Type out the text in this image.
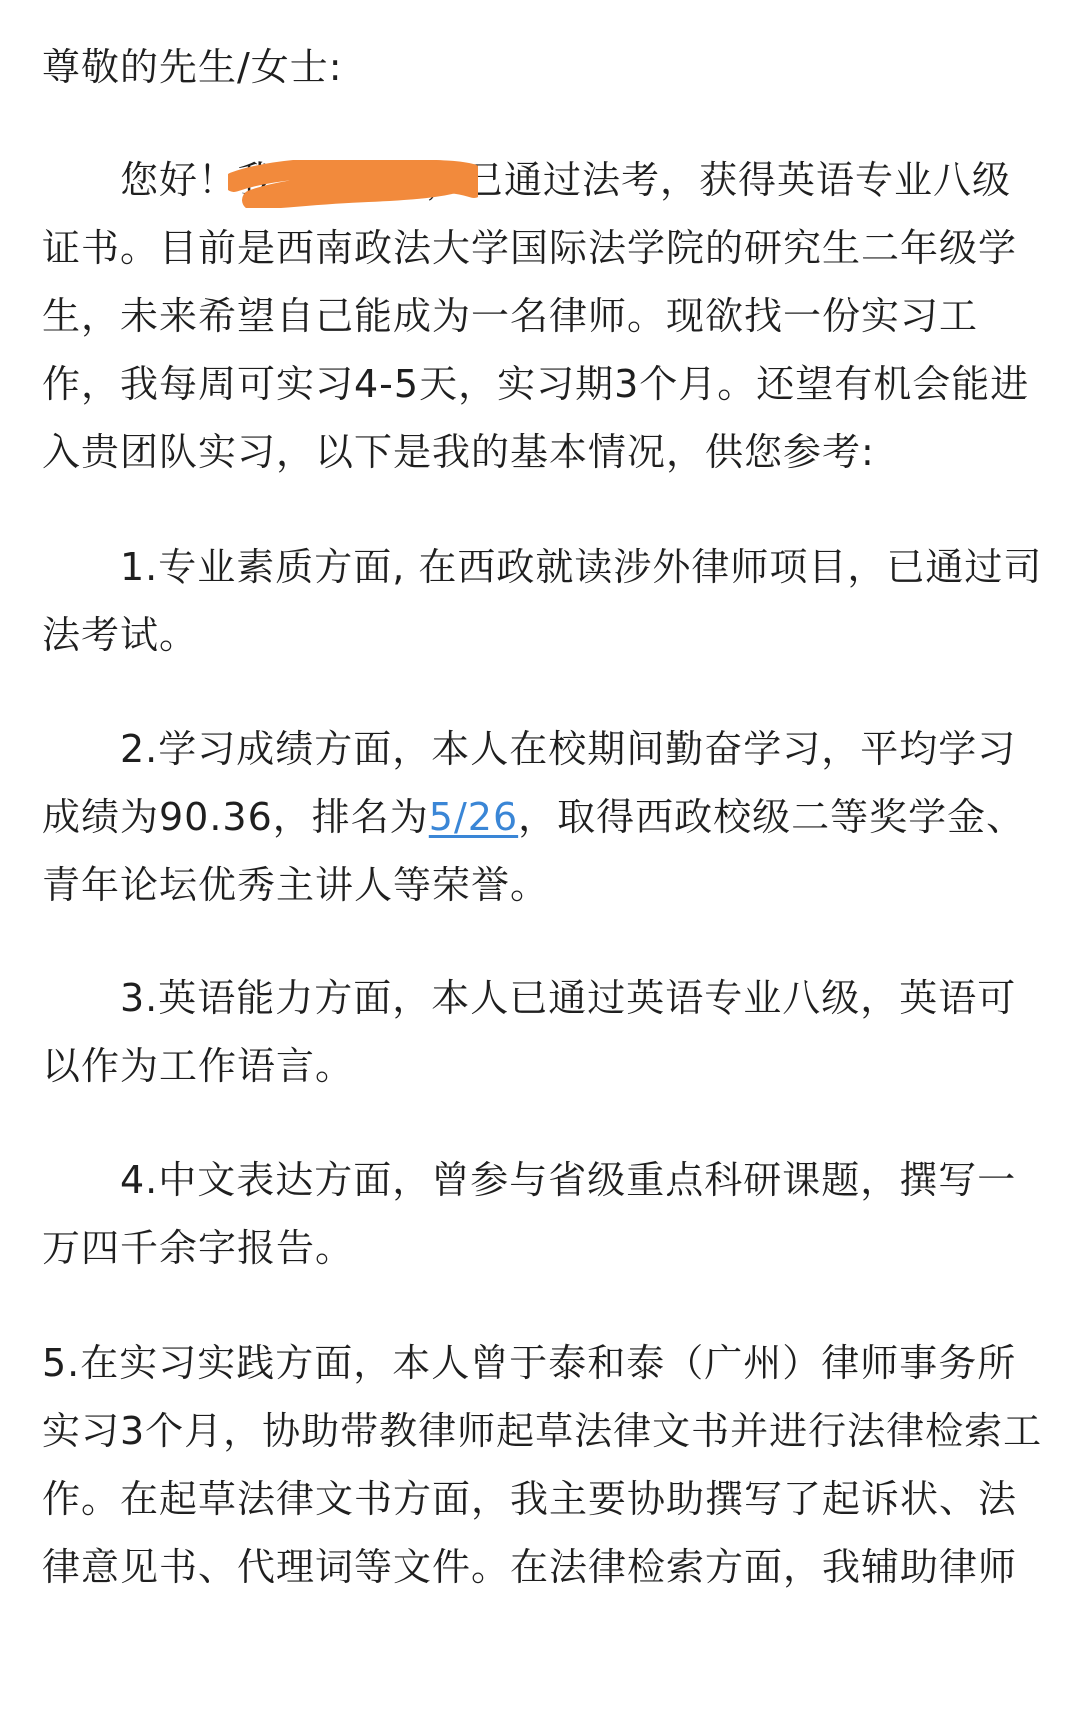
尊敬的先生/女士:
您好！我	，已通过法考，获得英语专业八级
证书。目前是西南政法大学国际法学院的研究生二年级学
生，未来希望自己能成为一名律师。现欲找一份实习工
作，我每周可实习4-5天，实习期3个月。还望有机会能进
入贵团队实习，以下是我的基本情况，供您参考:
1.专业素质方面, 在西政就读涉外律师项目，已通过司
法考试。
2.学习成绩方面，本人在校期间勤奋学习，平均学习
成绩为90.36，排名为5/26，取得西政校级二等奖学金、
青年论坛优秀主讲人等荣誉。
3.英语能力方面，本人已通过英语专业八级，英语可
以作为工作语言。
4.中文表达方面，曾参与省级重点科研课题，撰写一
万四千余字报告。
5.在实习实践方面，本人曾于泰和泰（广州）律师事务所
实习3个月，协助带教律师起草法律文书并进行法律检索工
作。在起草法律文书方面，我主要协助撰写了起诉状、法
律意见书、代理词等文件。在法律检索方面，我辅助律师
